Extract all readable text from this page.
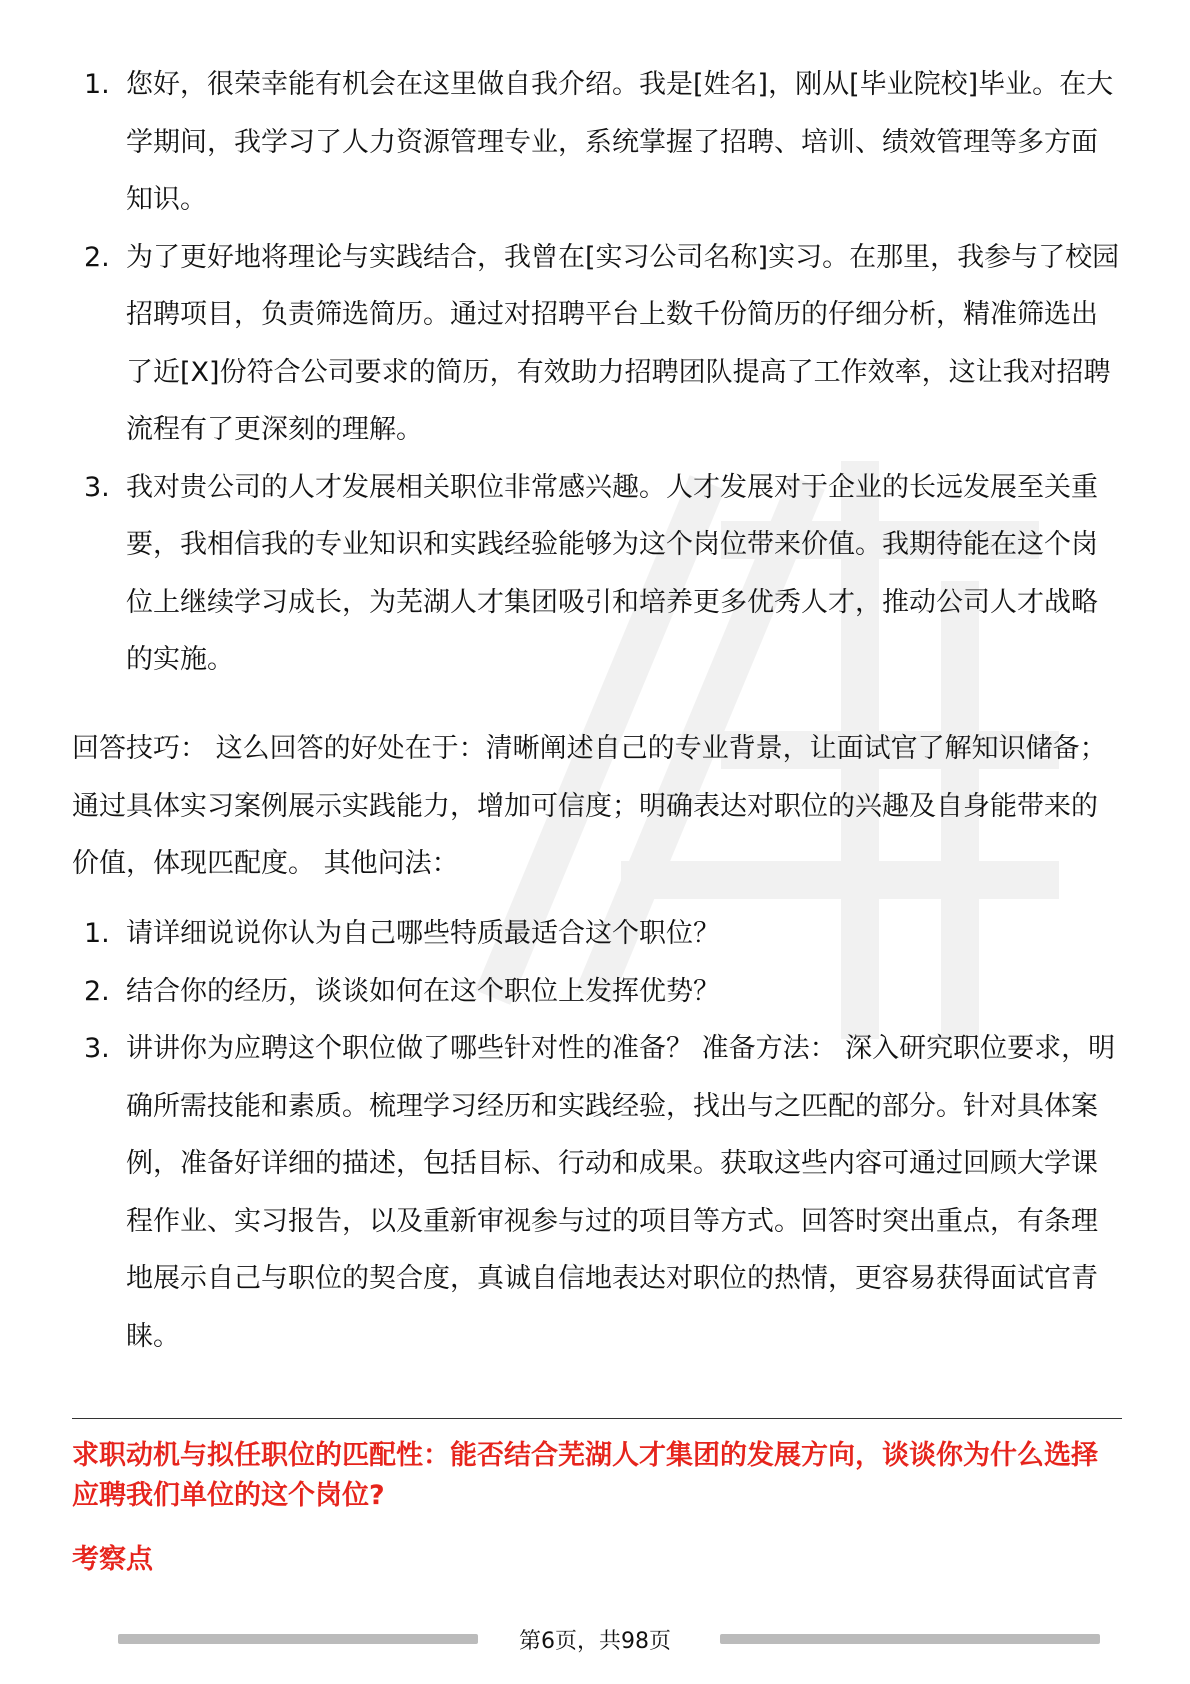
1. 您好，很荣幸能有机会在这里做自我介绍。我是[姓名]，刚从[毕业院校]毕业。在大学期间，我学习了人力资源管理专业，系统掌握了招聘、培训、绩效管理等多方面知识。
2. 为了更好地将理论与实践结合，我曾在[实习公司名称]实习。在那里，我参与了校园招聘项目，负责筛选简历。通过对招聘平台上数千份简历的仔细分析，精准筛选出了近[X]份符合公司要求的简历，有效助力招聘团队提高了工作效率，这让我对招聘流程有了更深刻的理解。
3. 我对贵公司的人才发展相关职位非常感兴趣。人才发展对于企业的长远发展至关重要，我相信我的专业知识和实践经验能够为这个岗位带来价值。我期待能在这个岗位上继续学习成长，为芜湖人才集团吸引和培养更多优秀人才，推动公司人才战略的实施。

回答技巧： 这么回答的好处在于：清晰阐述自己的专业背景，让面试官了解知识储备；通过具体实习案例展示实践能力，增加可信度；明确表达对职位的兴趣及自身能带来的价值，体现匹配度。 其他问法：

1. 请详细说说你认为自己哪些特质最适合这个职位？
2. 结合你的经历，谈谈如何在这个职位上发挥优势？
3. 讲讲你为应聘这个职位做了哪些针对性的准备？ 准备方法： 深入研究职位要求，明确所需技能和素质。梳理学习经历和实践经验，找出与之匹配的部分。针对具体案例，准备好详细的描述，包括目标、行动和成果。获取这些内容可通过回顾大学课程作业、实习报告，以及重新审视参与过的项目等方式。回答时突出重点，有条理地展示自己与职位的契合度，真诚自信地表达对职位的热情，更容易获得面试官青睐。
求职动机与拟任职位的匹配性：能否结合芜湖人才集团的发展方向，谈谈你为什么选择应聘我们单位的这个岗位?
考察点
第6页，共98页
